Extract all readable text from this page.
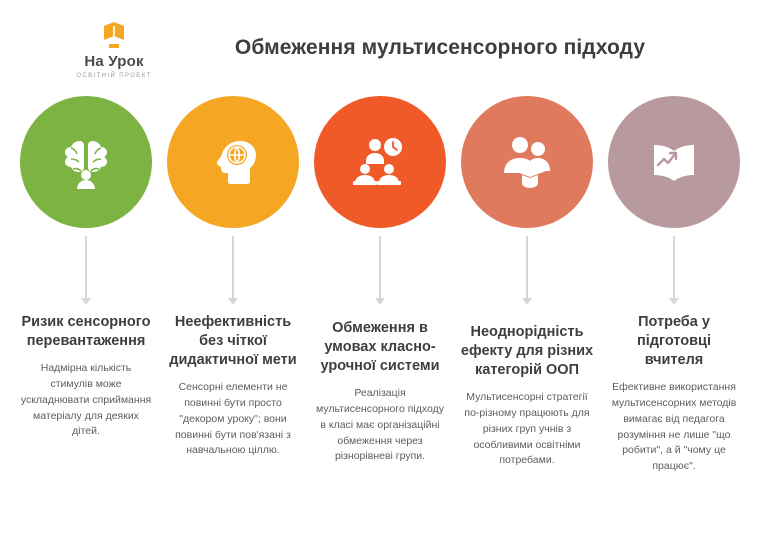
На Урок
ОСВІТНІЙ ПРОЕКТ
Обмеження мультисенсорного підходу
Ризик сенсорного перевантаження
Надмірна кількість стимулів може ускладнювати сприймання матеріалу для деяких дітей.
Неефективність без чіткої дидактичної мети
Сенсорні елементи не повинні бути просто "декором уроку"; вони повинні бути пов'язані з навчальною ціллю.
Обмеження в умовах класно-урочної системи
Реалізація мультисенсорного підходу в класі має організаційні обмеження через різнорівневі групи.
Неоднорідність ефекту для різних категорій ООП
Мультисенсорні стратегії по-різному працюють для різних груп учнів з особливими освітніми потребами.
Потреба у підготовці вчителя
Ефективне використання мультисенсорних методів вимагає від педагога розуміння не лише "що робити", а й "чому це працює".
